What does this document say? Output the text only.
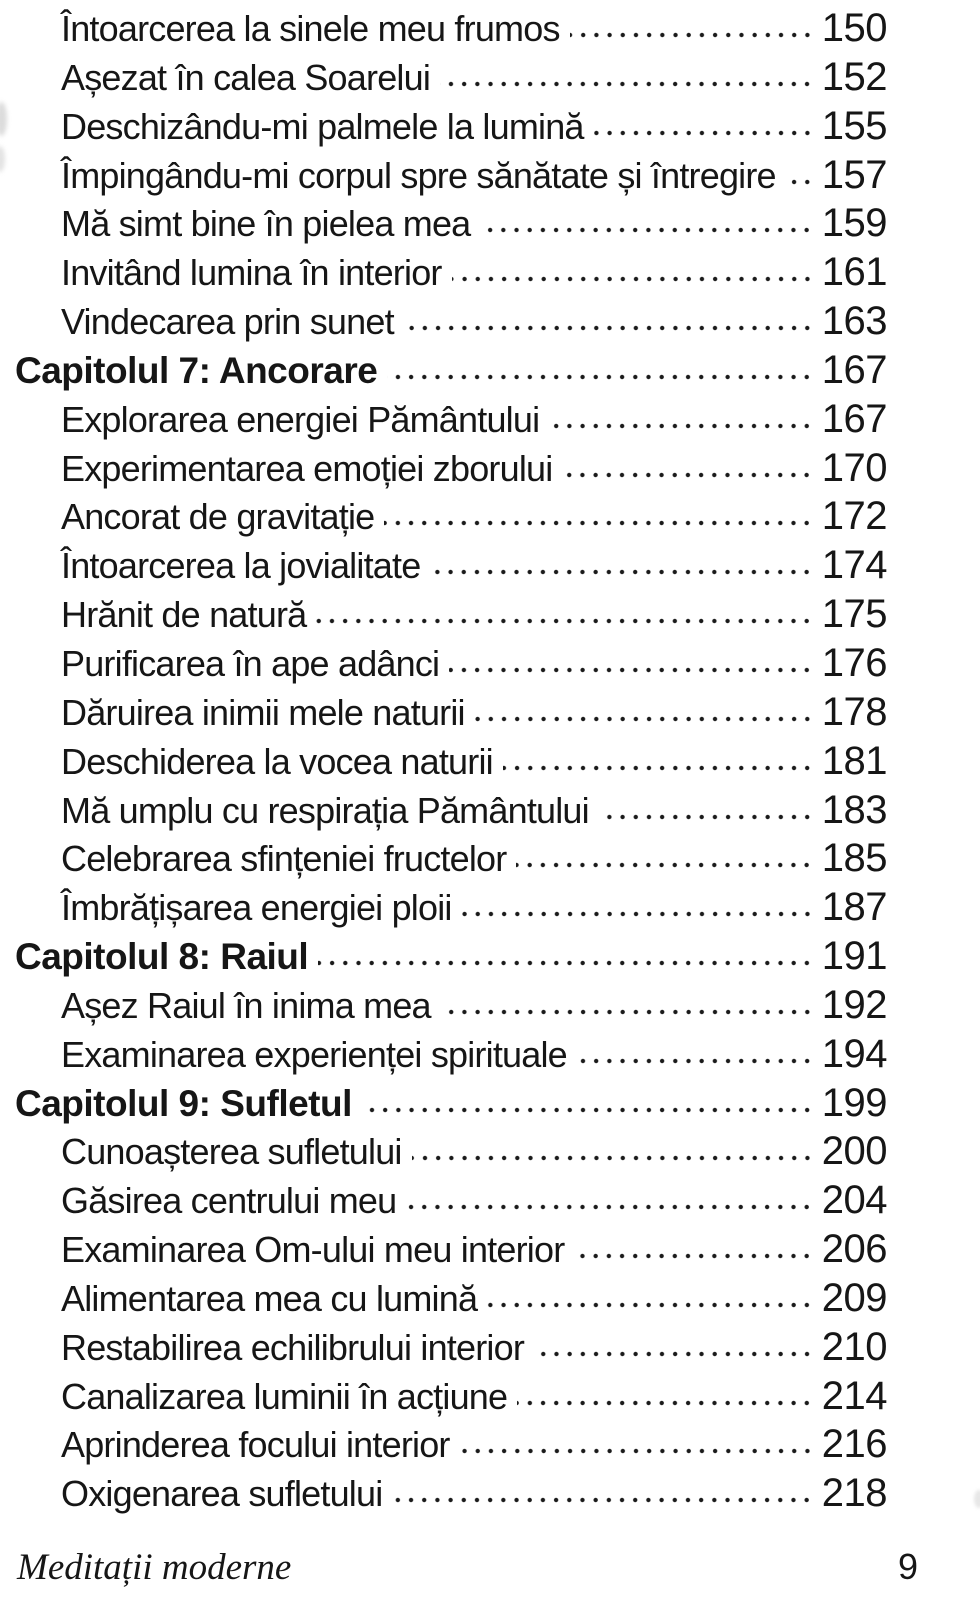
Întoarcerea la sinele meu frumos	150
Așezat în calea Soarelui	152
Deschizându-mi palmele la lumină	155
Împingându-mi corpul spre sănătate și întregire 157
Mă simt bine în pielea mea	159
Invitând lumina în interior	161
Vindecarea prin sunet	163
Capitolul 7: Ancorare	167
Explorarea energiei Pământului	167
Experimentarea emoției zborului	170
Ancorat de gravitație	172
Întoarcerea la jovialitate	174
Hrănit de natură	175
Purificarea în ape adânci	176
Dăruirea inimii mele naturii	178
Deschiderea la vocea naturii	181
Mă umplu cu respirația Pământului	183
Celebrarea sfințeniei fructelor	185
Îmbrățișarea energiei ploii	187
Capitolul 8: Raiul	191
Așez Raiul în inima mea	192
Examinarea experienței spirituale	194
Capitolul 9: Sufletul	199
Cunoașterea sufletului	200
Găsirea centrului meu	204
Examinarea Om-ului meu interior	206
Alimentarea mea cu lumină	209
Restabilirea echilibrului interior	210
Canalizarea luminii în acțiune	214
Aprinderea focului interior	216
Oxigenarea sufletului	218
Meditații moderne	9
